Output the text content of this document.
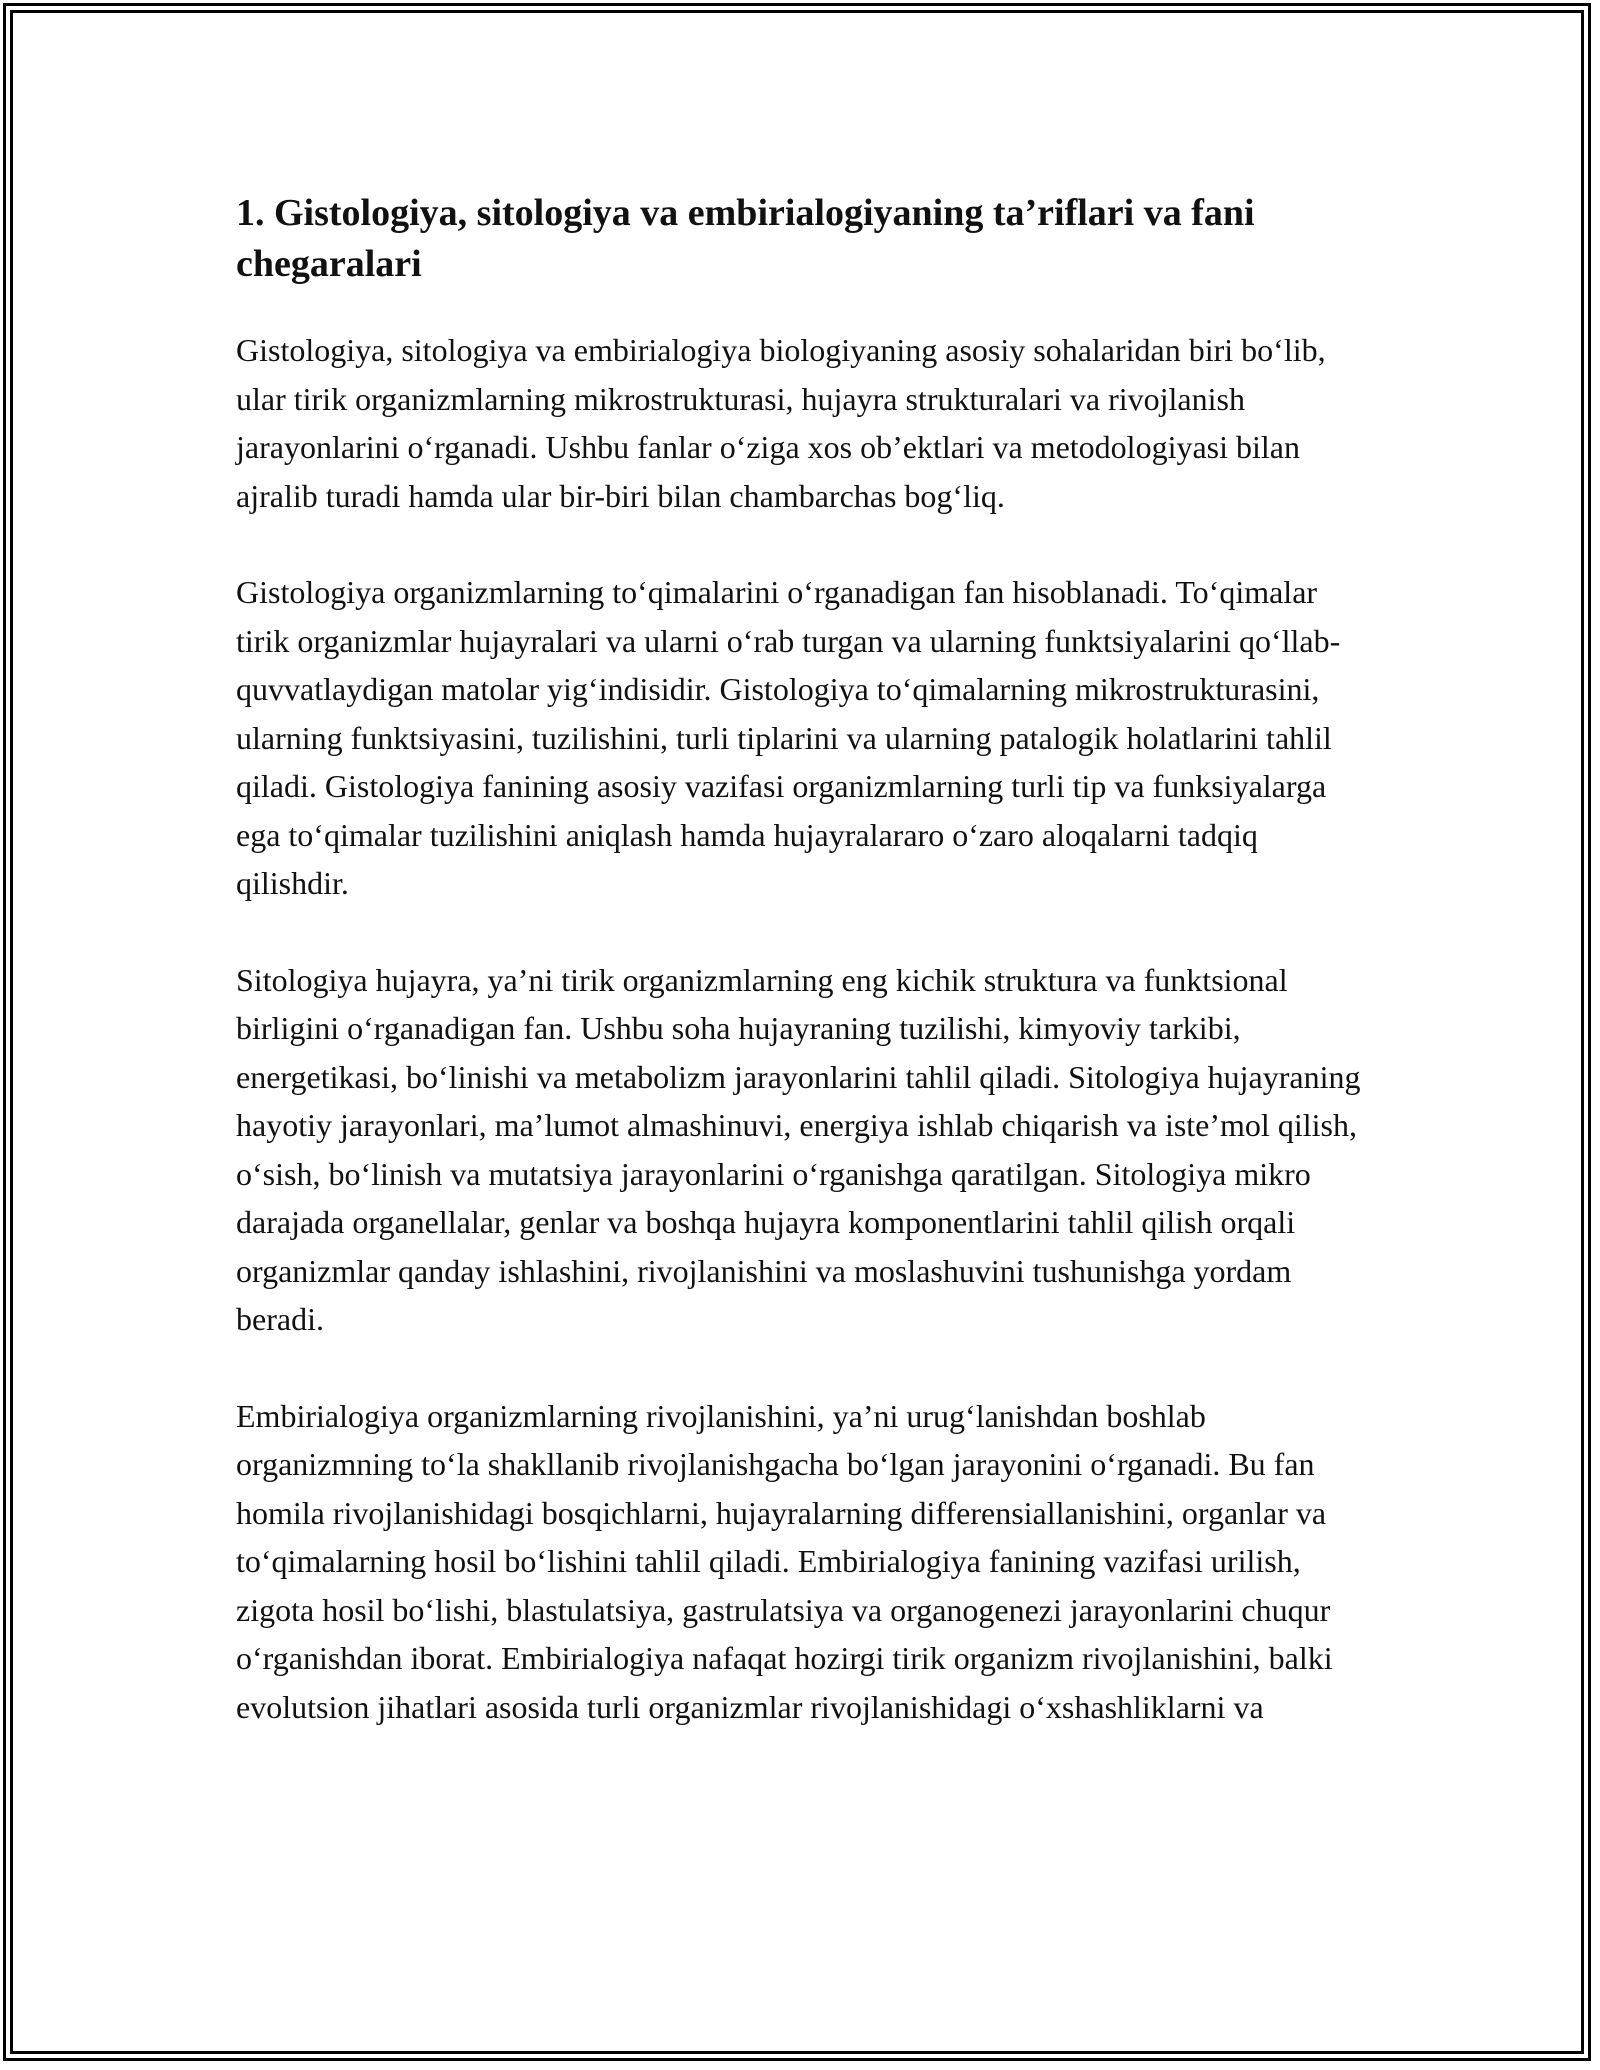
1. Gistologiya, sitologiya va embirialogiyaning ta’riflari va fani chegaralari

Gistologiya, sitologiya va embirialogiya biologiyaning asosiy sohalaridan biri bo‘lib, ular tirik organizmlarning mikrostrukturasi, hujayra strukturalari va rivojlanish jarayonlarini o‘rganadi. Ushbu fanlar o‘ziga xos ob’ektlari va metodologiyasi bilan ajralib turadi hamda ular bir-biri bilan chambarchas bog‘liq.

Gistologiya organizmlarning to‘qimalarini o‘rganadigan fan hisoblanadi. To‘qimalar tirik organizmlar hujayralari va ularni o‘rab turgan va ularning funktsiyalarini qo‘llab-quvvatlaydigan matolar yig‘indisidir. Gistologiya to‘qimalarning mikrostrukturasini, ularning funktsiyasini, tuzilishini, turli tiplarini va ularning patalogik holatlarini tahlil qiladi. Gistologiya fanining asosiy vazifasi organizmlarning turli tip va funksiyalarga ega to‘qimalar tuzilishini aniqlash hamda hujayralararo o‘zaro aloqalarni tadqiq qilishdir.

Sitologiya hujayra, ya’ni tirik organizmlarning eng kichik struktura va funktsional birligini o‘rganadigan fan. Ushbu soha hujayraning tuzilishi, kimyoviy tarkibi, energetikasi, bo‘linishi va metabolizm jarayonlarini tahlil qiladi. Sitologiya hujayraning hayotiy jarayonlari, ma’lumot almashinuvi, energiya ishlab chiqarish va iste’mol qilish, o‘sish, bo‘linish va mutatsiya jarayonlarini o‘rganishga qaratilgan. Sitologiya mikro darajada organellalar, genlar va boshqa hujayra komponentlarini tahlil qilish orqali organizmlar qanday ishlashini, rivojlanishini va moslashuvini tushunishga yordam beradi.

Embirialogiya organizmlarning rivojlanishini, ya’ni urug‘lanishdan boshlab organizmning to‘la shakllanib rivojlanishgacha bo‘lgan jarayonini o‘rganadi. Bu fan homila rivojlanishidagi bosqichlarni, hujayralarning differensiallanishini, organlar va to‘qimalarning hosil bo‘lishini tahlil qiladi. Embirialogiya fanining vazifasi urilish, zigota hosil bo‘lishi, blastulatsiya, gastrulatsiya va organogenezi jarayonlarini chuqur o‘rganishdan iborat. Embirialogiya nafaqat hozirgi tirik organizm rivojlanishini, balki evolutsion jihatlari asosida turli organizmlar rivojlanishidagi o‘xshashliklarni va
